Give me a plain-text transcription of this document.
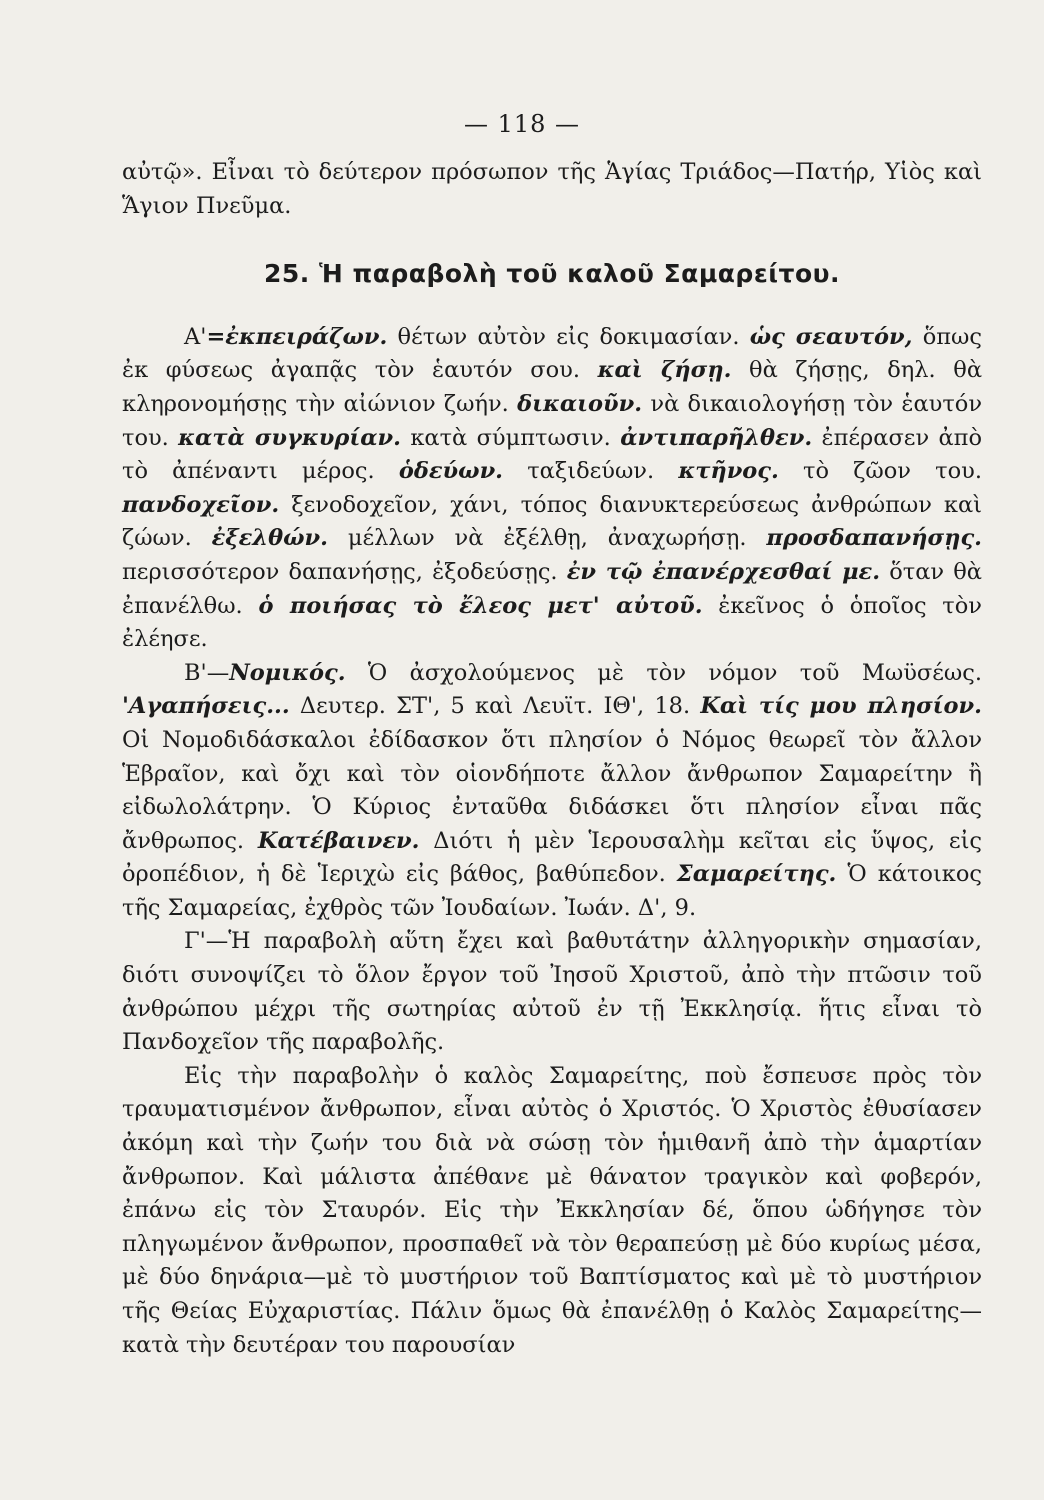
— 118 —

αὐτῷ». Εἶναι τὸ δεύτερον πρόσωπον τῆς Ἁγίας Τριάδος—Πατήρ, Υἱὸς καὶ Ἅγιον Πνεῦμα.

25. Ἡ παραβολὴ τοῦ καλοῦ Σαμαρείτου.

Α'=ἐκπειράζων. θέτων αὐτὸν εἰς δοκιμασίαν. ὡς σεαυτόν, ὅπως ἐκ φύσεως ἀγαπᾷς τὸν ἑαυτόν σου. καὶ ζήσῃ. θὰ ζήσῃς, δηλ. θὰ κληρονομήσῃς τὴν αἰώνιον ζωήν. δικαιοῦν. νὰ δικαιολογήσῃ τὸν ἑαυτόν του. κατὰ συγκυρίαν. κατὰ σύμπτωσιν. ἀντιπαρῆλθεν. ἐπέρασεν ἀπὸ τὸ ἀπέναντι μέρος. ὁδεύων. ταξιδεύων. κτῆνος. τὸ ζῶον του. πανδοχεῖον. ξενοδοχεῖον, χάνι, τόπος διανυκτερεύσεως ἀνθρώπων καὶ ζώων. ἐξελθών. μέλλων νὰ ἐξέλθῃ, ἀναχωρήσῃ. προσδαπανήσῃς. περισσότερον δαπανήσῃς, ἐξοδεύσῃς. ἐν τῷ ἐπανέρχεσθαί με. ὅταν θὰ ἐπανέλθω. ὁ ποιήσας τὸ ἔλεος μετ' αὐτοῦ. ἐκεῖνος ὁ ὁποῖος τὸν ἐλέησε.

Β'—Νομικός. Ὁ ἀσχολούμενος μὲ τὸν νόμον τοῦ Μωϋσέως. 'Αγαπήσεις... Δευτερ. ΣΤ', 5 καὶ Λευϊτ. ΙΘ', 18. Καὶ τίς μου πλησίον. Οἱ Νομοδιδάσκαλοι ἐδίδασκον ὅτι πλησίον ὁ Νόμος θεωρεῖ τὸν ἄλλον Ἑβραῖον, καὶ ὄχι καὶ τὸν οἱονδήποτε ἄλλον ἄνθρωπον Σαμαρείτην ἢ εἰδωλολάτρην. Ὁ Κύριος ἐνταῦθα διδάσκει ὅτι πλησίον εἶναι πᾶς ἄνθρωπος. Κατέβαινεν. Διότι ἡ μὲν Ἱερουσαλὴμ κεῖται εἰς ὕψος, εἰς ὀροπέδιον, ἡ δὲ Ἱεριχὼ εἰς βάθος, βαθύπεδον. Σαμαρείτης. Ὁ κάτοικος τῆς Σαμαρείας, ἐχθρὸς τῶν Ἰουδαίων. Ἰωάν. Δ', 9.

Γ'—Ἡ παραβολὴ αὕτη ἔχει καὶ βαθυτάτην ἀλληγορικὴν σημασίαν, διότι συνοψίζει τὸ ὅλον ἔργον τοῦ Ἰησοῦ Χριστοῦ, ἀπὸ τὴν πτῶσιν τοῦ ἀνθρώπου μέχρι τῆς σωτηρίας αὐτοῦ ἐν τῇ Ἐκκλησίᾳ. ἥτις εἶναι τὸ Πανδοχεῖον τῆς παραβολῆς.

Εἰς τὴν παραβολὴν ὁ καλὸς Σαμαρείτης, ποὺ ἔσπευσε πρὸς τὸν τραυματισμένον ἄνθρωπον, εἶναι αὐτὸς ὁ Χριστός. Ὁ Χριστὸς ἐθυσίασεν ἀκόμη καὶ τὴν ζωήν του διὰ νὰ σώσῃ τὸν ἡμιθανῆ ἀπὸ τὴν ἁμαρτίαν ἄνθρωπον. Καὶ μάλιστα ἀπέθανε μὲ θάνατον τραγικὸν καὶ φοβερόν, ἐπάνω εἰς τὸν Σταυρόν. Εἰς τὴν Ἐκκλησίαν δέ, ὅπου ὡδήγησε τὸν πληγωμένον ἄνθρωπον, προσπαθεῖ νὰ τὸν θεραπεύσῃ μὲ δύο κυρίως μέσα, μὲ δύο δηνάρια—μὲ τὸ μυστήριον τοῦ Βαπτίσματος καὶ μὲ τὸ μυστήριον τῆς Θείας Εὐχαριστίας. Πάλιν ὅμως θὰ ἐπανέλθῃ ὁ Καλὸς Σαμαρείτης—κατὰ τὴν δευτέραν του παρουσίαν
